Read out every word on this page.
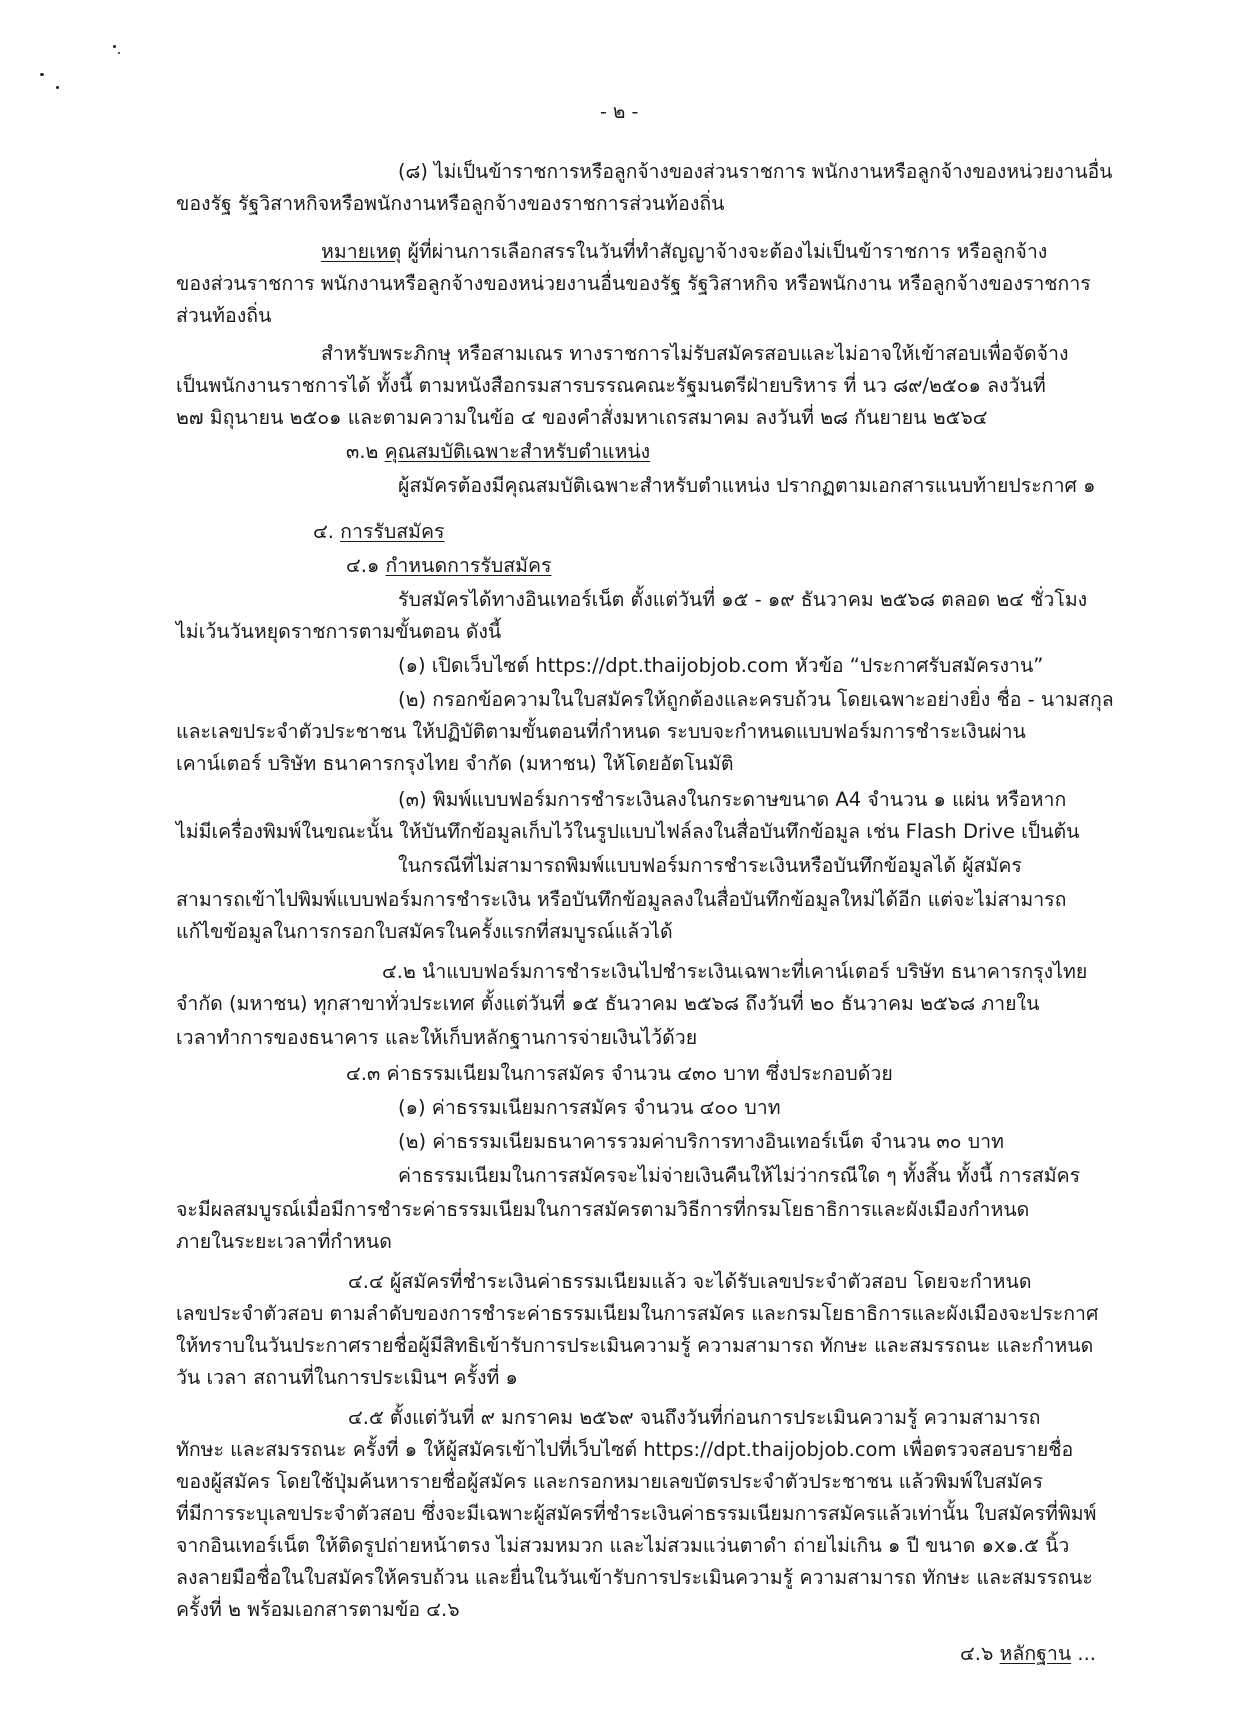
- ๒ -
(๘) ไม่เป็นข้าราชการหรือลูกจ้างของส่วนราชการ พนักงานหรือลูกจ้างของหน่วยงานอื่น
ของรัฐ รัฐวิสาหกิจหรือพนักงานหรือลูกจ้างของราชการส่วนท้องถิ่น
หมายเหตุ ผู้ที่ผ่านการเลือกสรรในวันที่ทำสัญญาจ้างจะต้องไม่เป็นข้าราชการ หรือลูกจ้าง
ของส่วนราชการ พนักงานหรือลูกจ้างของหน่วยงานอื่นของรัฐ รัฐวิสาหกิจ หรือพนักงาน หรือลูกจ้างของราชการ
ส่วนท้องถิ่น
สำหรับพระภิกษุ หรือสามเณร ทางราชการไม่รับสมัครสอบและไม่อาจให้เข้าสอบเพื่อจัดจ้าง
เป็นพนักงานราชการได้ ทั้งนี้ ตามหนังสือกรมสารบรรณคณะรัฐมนตรีฝ่ายบริหาร ที่ นว ๘๙/๒๕๐๑ ลงวันที่
๒๗ มิถุนายน ๒๕๐๑ และตามความในข้อ ๔ ของคำสั่งมหาเถรสมาคม ลงวันที่ ๒๘ กันยายน ๒๕๖๔
๓.๒ คุณสมบัติเฉพาะสำหรับตำแหน่ง
ผู้สมัครต้องมีคุณสมบัติเฉพาะสำหรับตำแหน่ง ปรากฏตามเอกสารแนบท้ายประกาศ ๑
๔. การรับสมัคร
๔.๑ กำหนดการรับสมัคร
รับสมัครได้ทางอินเทอร์เน็ต ตั้งแต่วันที่ ๑๕ - ๑๙ ธันวาคม ๒๕๖๘ ตลอด ๒๔ ชั่วโมง
ไม่เว้นวันหยุดราชการตามขั้นตอน ดังนี้
(๑) เปิดเว็บไซต์ https://dpt.thaijobjob.com หัวข้อ “ประกาศรับสมัครงาน”
(๒) กรอกข้อความในใบสมัครให้ถูกต้องและครบถ้วน โดยเฉพาะอย่างยิ่ง ชื่อ - นามสกุล
และเลขประจำตัวประชาชน ให้ปฏิบัติตามขั้นตอนที่กำหนด ระบบจะกำหนดแบบฟอร์มการชำระเงินผ่าน
เคาน์เตอร์ บริษัท ธนาคารกรุงไทย จำกัด (มหาชน) ให้โดยอัตโนมัติ
(๓) พิมพ์แบบฟอร์มการชำระเงินลงในกระดาษขนาด A4 จำนวน ๑ แผ่น หรือหาก
ไม่มีเครื่องพิมพ์ในขณะนั้น ให้บันทึกข้อมูลเก็บไว้ในรูปแบบไฟล์ลงในสื่อบันทึกข้อมูล เช่น Flash Drive เป็นต้น
ในกรณีที่ไม่สามารถพิมพ์แบบฟอร์มการชำระเงินหรือบันทึกข้อมูลได้ ผู้สมัคร
สามารถเข้าไปพิมพ์แบบฟอร์มการชำระเงิน หรือบันทึกข้อมูลลงในสื่อบันทึกข้อมูลใหม่ได้อีก แต่จะไม่สามารถ
แก้ไขข้อมูลในการกรอกใบสมัครในครั้งแรกที่สมบูรณ์แล้วได้
๔.๒ นำแบบฟอร์มการชำระเงินไปชำระเงินเฉพาะที่เคาน์เตอร์ บริษัท ธนาคารกรุงไทย
จำกัด (มหาชน) ทุกสาขาทั่วประเทศ ตั้งแต่วันที่ ๑๕ ธันวาคม ๒๕๖๘ ถึงวันที่ ๒๐ ธันวาคม ๒๕๖๘ ภายใน
เวลาทำการของธนาคาร และให้เก็บหลักฐานการจ่ายเงินไว้ด้วย
๔.๓ ค่าธรรมเนียมในการสมัคร จำนวน ๔๓๐ บาท ซึ่งประกอบด้วย
(๑) ค่าธรรมเนียมการสมัคร จำนวน ๔๐๐ บาท
(๒) ค่าธรรมเนียมธนาคารรวมค่าบริการทางอินเทอร์เน็ต จำนวน ๓๐ บาท
ค่าธรรมเนียมในการสมัครจะไม่จ่ายเงินคืนให้ไม่ว่ากรณีใด ๆ ทั้งสิ้น ทั้งนี้ การสมัคร
จะมีผลสมบูรณ์เมื่อมีการชำระค่าธรรมเนียมในการสมัครตามวิธีการที่กรมโยธาธิการและผังเมืองกำหนด
ภายในระยะเวลาที่กำหนด
๔.๔ ผู้สมัครที่ชำระเงินค่าธรรมเนียมแล้ว จะได้รับเลขประจำตัวสอบ โดยจะกำหนด
เลขประจำตัวสอบ ตามลำดับของการชำระค่าธรรมเนียมในการสมัคร และกรมโยธาธิการและผังเมืองจะประกาศ
ให้ทราบในวันประกาศรายชื่อผู้มีสิทธิเข้ารับการประเมินความรู้ ความสามารถ ทักษะ และสมรรถนะ และกำหนด
วัน เวลา สถานที่ในการประเมินฯ ครั้งที่ ๑
๔.๕ ตั้งแต่วันที่ ๙ มกราคม ๒๕๖๙ จนถึงวันที่ก่อนการประเมินความรู้ ความสามารถ
ทักษะ และสมรรถนะ ครั้งที่ ๑ ให้ผู้สมัครเข้าไปที่เว็บไซต์ https://dpt.thaijobjob.com เพื่อตรวจสอบรายชื่อ
ของผู้สมัคร โดยใช้ปุ่มค้นหารายชื่อผู้สมัคร และกรอกหมายเลขบัตรประจำตัวประชาชน แล้วพิมพ์ใบสมัคร
ที่มีการระบุเลขประจำตัวสอบ ซึ่งจะมีเฉพาะผู้สมัครที่ชำระเงินค่าธรรมเนียมการสมัครแล้วเท่านั้น ใบสมัครที่พิมพ์
จากอินเทอร์เน็ต ให้ติดรูปถ่ายหน้าตรง ไม่สวมหมวก และไม่สวมแว่นตาดำ ถ่ายไม่เกิน ๑ ปี ขนาด ๑x๑.๕ นิ้ว
ลงลายมือชื่อในใบสมัครให้ครบถ้วน และยื่นในวันเข้ารับการประเมินความรู้ ความสามารถ ทักษะ และสมรรถนะ
ครั้งที่ ๒ พร้อมเอกสารตามข้อ ๔.๖
๔.๖ หลักฐาน ...
